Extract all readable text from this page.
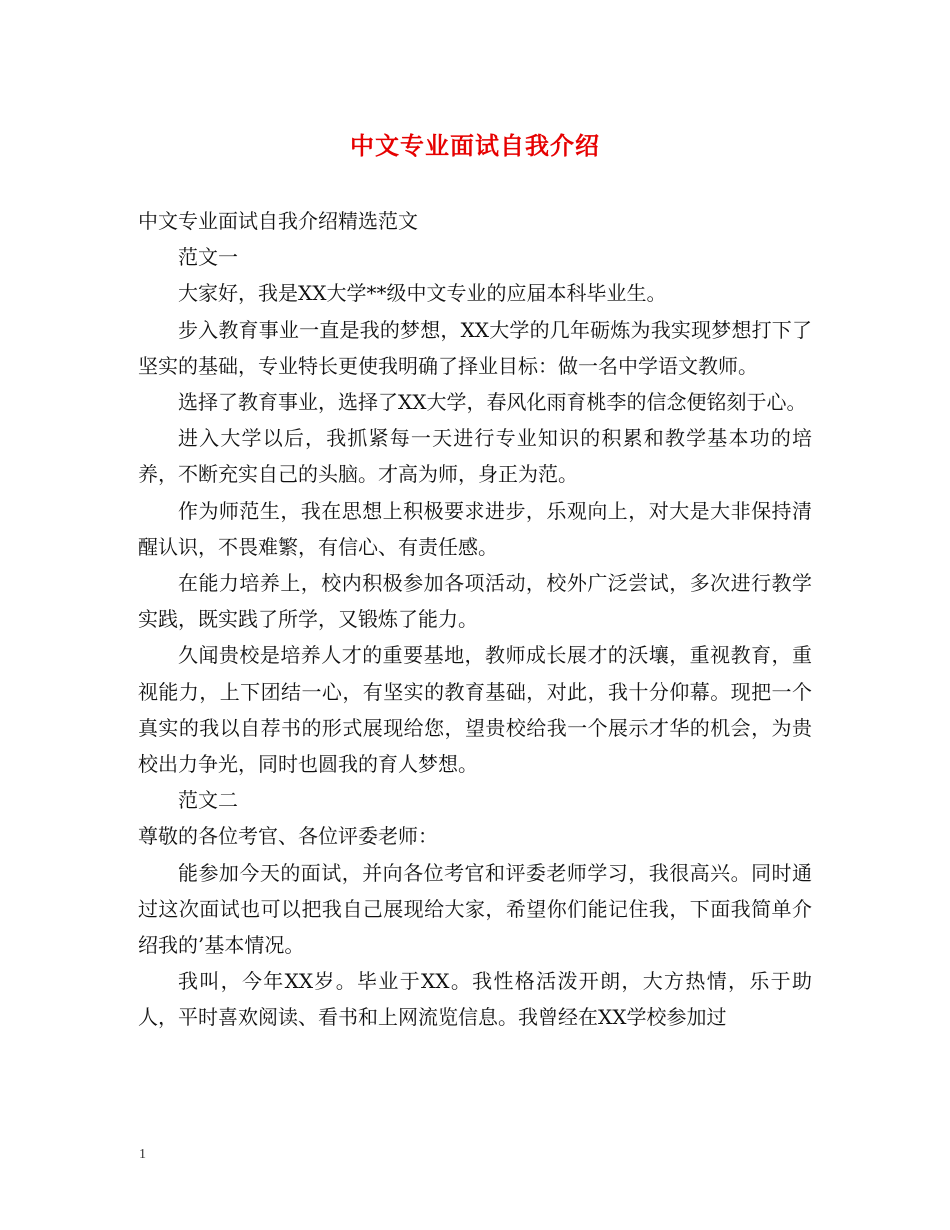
中文专业面试自我介绍

中文专业面试自我介绍精选范文

范文一

大家好，我是XX大学**级中文专业的应届本科毕业生。

步入教育事业一直是我的梦想，XX大学的几年砺炼为我实现梦想打下了坚实的基础，专业特长更使我明确了择业目标：做一名中学语文教师。

选择了教育事业，选择了XX大学，春风化雨育桃李的信念便铭刻于心。

进入大学以后，我抓紧每一天进行专业知识的积累和教学基本功的培养，不断充实自己的头脑。才高为师，身正为范。

作为师范生，我在思想上积极要求进步，乐观向上，对大是大非保持清醒认识，不畏难繁，有信心、有责任感。

在能力培养上，校内积极参加各项活动，校外广泛尝试，多次进行教学实践，既实践了所学，又锻炼了能力。

久闻贵校是培养人才的重要基地，教师成长展才的沃壤，重视教育，重视能力，上下团结一心，有坚实的教育基础，对此，我十分仰幕。现把一个真实的我以自荐书的形式展现给您，望贵校给我一个展示才华的机会，为贵校出力争光，同时也圆我的育人梦想。

范文二

尊敬的各位考官、各位评委老师：

能参加今天的面试，并向各位考官和评委老师学习，我很高兴。同时通过这次面试也可以把我自己展现给大家，希望你们能记住我，下面我简单介绍我的’基本情况。

我叫，今年XX岁。毕业于XX。我性格活泼开朗，大方热情，乐于助人，平时喜欢阅读、看书和上网流览信息。我曾经在XX学校参加过

1
